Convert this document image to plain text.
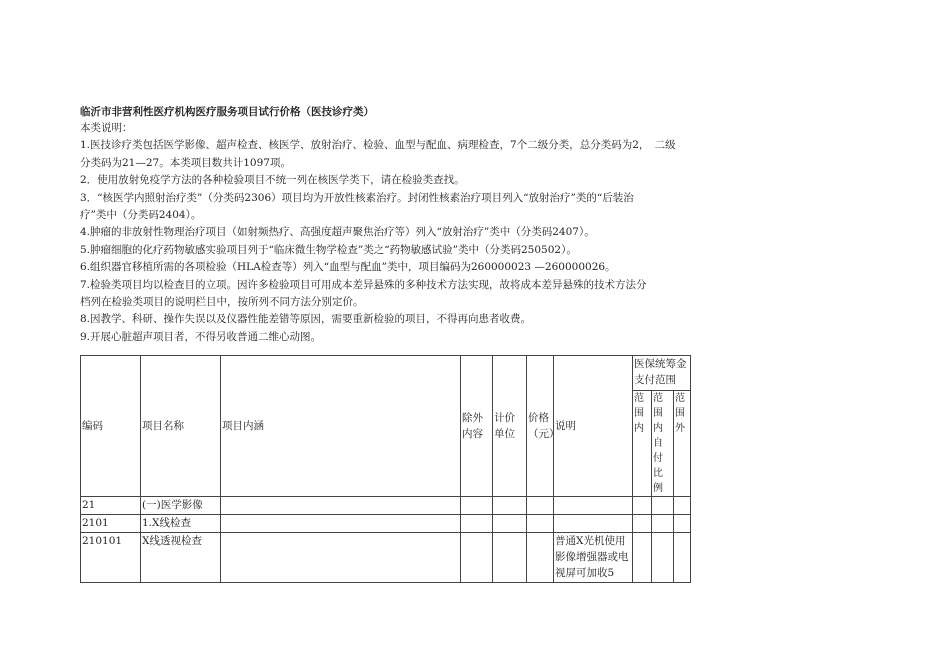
临沂市非营利性医疗机构医疗服务项目试行价格（医技诊疗类）
本类说明：
1.医技诊疗类包括医学影像、超声检查、核医学、放射治疗、检验、血型与配血、病理检查，7个二级分类，总分类码为2，　二级
分类码为21—27。本类项目数共计1097项。
2．使用放射免疫学方法的各种检验项目不统一列在核医学类下，请在检验类查找。
3．“核医学内照射治疗类”（分类码2306）项目均为开放性核素治疗。封闭性核素治疗项目列入“放射治疗”类的“后装治
疗”类中（分类码2404）。
4.肿瘤的非放射性物理治疗项目（如射频热疗、高强度超声聚焦治疗等）列入“放射治疗”类中（分类码2407）。
5.肿瘤细胞的化疗药物敏感实验项目列于“临床微生物学检查”类之“药物敏感试验”类中（分类码250502）。
6.组织器官移植所需的各项检验（HLA检查等）列入“血型与配血”类中，项目编码为260000023 —260000026。
7.检验类项目均以检查目的立项。因许多检验项目可用成本差异悬殊的多种技术方法实现，故将成本差异悬殊的技术方法分
档列在检验类项目的说明栏目中，按所列不同方法分别定价。
8.因教学、科研、操作失误以及仪器性能差错等原因，需要重新检验的项目，不得再向患者收费。
9.开展心脏超声项目者，不得另收普通二维心动图。
编码	项目名称	项目内涵	除外内容	计价单位	价格（元）	说明	医保统筹金支付范围		
							范围内	范围内自付比例	范围外
21	(一)医学影像								
2101	1.X线检查								
210101	X线透视检查					普通X光机使用影像增强器或电视屏可加收5			
